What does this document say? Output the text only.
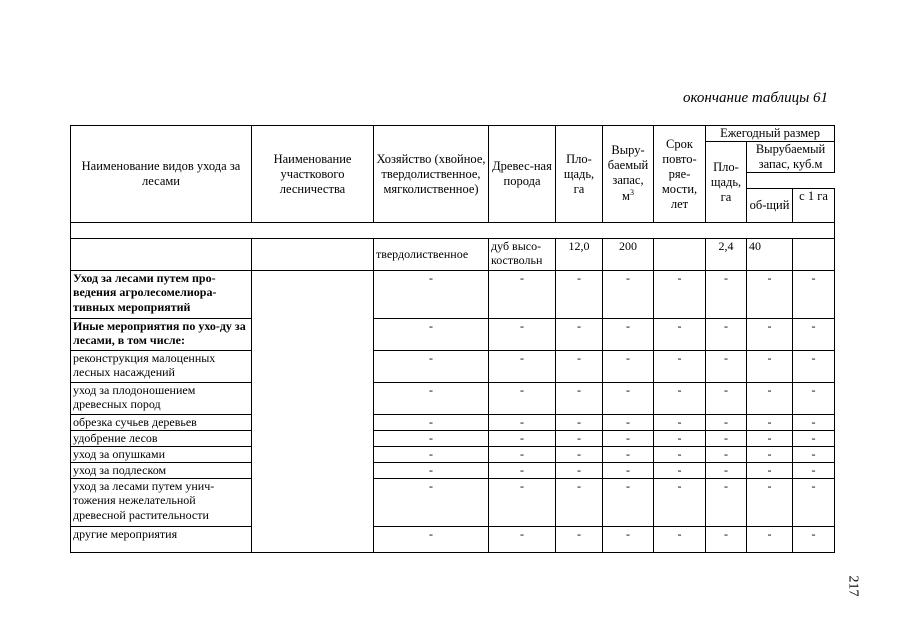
окончание таблицы 61
Наименование видов ухода за лесами	Наименование участкового лесничества	Хозяйство (хвойное, твердолиственное, мягколиственное)	Древес-ная порода	Пло-щадь, га	Выру-баемый запас, $м^3$	Срок повто-ряе-мости, лет	Ежегодный размер		
							Пло-щадь, га	Вырубаемый запас, куб.м	

								об-щий	с 1 га

		твердолиственное	дуб высо-коствольн	12,0	200		2,4	40	
Уход за лесами путем про-ведения агролесомелиора-тивных мероприятий		-	-	-	-	-	-	-	-
Иные мероприятия по ухо-ду за лесами, в том числе:		-	-	-	-	-	-	-	-
реконструкция малоценных лесных насаждений		-	-	-	-	-	-	-	-
уход за плодоношением древесных пород		-	-	-	-	-	-	-	-
обрезка сучьев деревьев		-	-	-	-	-	-	-	-
удобрение лесов		-	-	-	-	-	-	-	-
уход за опушками		-	-	-	-	-	-	-	-
уход за подлеском		-	-	-	-	-	-	-	-
уход за лесами путем унич-тожения нежелательной древесной растительности		-	-	-	-	-	-	-	-
другие мероприятия		-	-	-	-	-	-	-	-
217
